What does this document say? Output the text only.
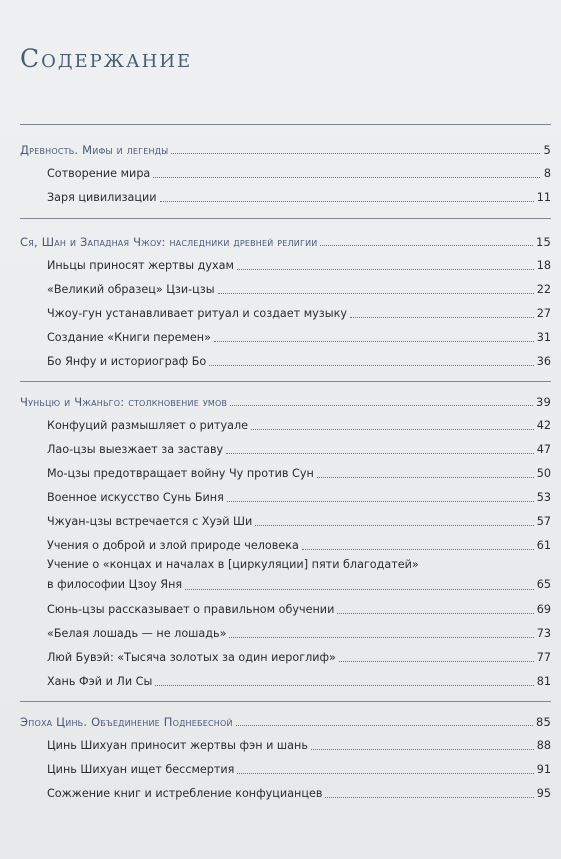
Содержание
Древность. Мифы и легенды	5
Сотворение мира	8
Заря цивилизации	11
Ся, Шан и Западная Чжоу: наследники древней религии	15
Иньцы приносят жертвы духам	18
«Великий образец» Цзи-цзы	22
Чжоу-гун устанавливает ритуал и создает музыку	27
Создание «Книги перемен»	31
Бо Янфу и историограф Бо	36
Чуньцю и Чжаньго: столкновение умов	39
Конфуций размышляет о ритуале	42
Лао-цзы выезжает за заставу	47
Мо-цзы предотвращает войну Чу против Сун	50
Военное искусство Сунь Биня	53
Чжуан-цзы встречается с Хуэй Ши	57
Учения о доброй и злой природе человека	61
Учение о «концах и началах в [циркуляции] пяти благодатей»
в философии Цзоу Яня	65
Сюнь-цзы рассказывает о правильном обучении	69
«Белая лошадь — не лошадь»	73
Люй Бувэй: «Тысяча золотых за один иероглиф»	77
Хань Фэй и Ли Сы	81
Эпоха Цинь. Объединение Поднебесной	85
Цинь Шихуан приносит жертвы фэн и шань	88
Цинь Шихуан ищет бессмертия	91
Сожжение книг и истребление конфуцианцев	95
